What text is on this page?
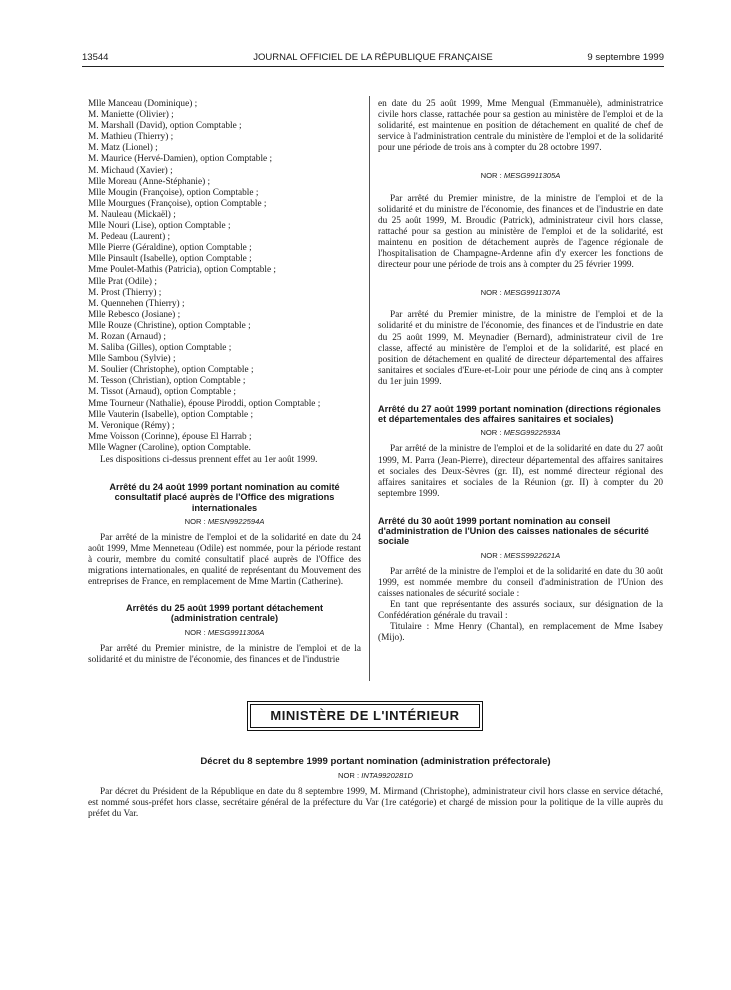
13544	JOURNAL OFFICIEL DE LA RÉPUBLIQUE FRANÇAISE	9 septembre 1999
Mlle Manceau (Dominique) ;
M. Maniette (Olivier) ;
M. Marshall (David), option Comptable ;
M. Mathieu (Thierry) ;
M. Matz (Lionel) ;
M. Maurice (Hervé-Damien), option Comptable ;
M. Michaud (Xavier) ;
Mlle Moreau (Anne-Stéphanie) ;
Mlle Mougin (Françoise), option Comptable ;
Mlle Mourgues (Françoise), option Comptable ;
M. Nauleau (Mickaël) ;
Mlle Nouri (Lise), option Comptable ;
M. Pedeau (Laurent) ;
Mlle Pierre (Géraldine), option Comptable ;
Mlle Pinsault (Isabelle), option Comptable ;
Mme Poulet-Mathis (Patricia), option Comptable ;
Mlle Prat (Odile) ;
M. Prost (Thierry) ;
M. Quennehen (Thierry) ;
Mlle Rebesco (Josiane) ;
Mlle Rouze (Christine), option Comptable ;
M. Rozan (Arnaud) ;
M. Saliba (Gilles), option Comptable ;
Mlle Sambou (Sylvie) ;
M. Soulier (Christophe), option Comptable ;
M. Tesson (Christian), option Comptable ;
M. Tissot (Arnaud), option Comptable ;
Mme Tourneur (Nathalie), épouse Piroddi, option Comptable ;
Mlle Vauterin (Isabelle), option Comptable ;
M. Veronique (Rémy) ;
Mme Voisson (Corinne), épouse El Harrab ;
Mlle Wagner (Caroline), option Comptable.

Les dispositions ci-dessus prennent effet au 1er août 1999.

Arrêté du 24 août 1999 portant nomination au comité consultatif placé auprès de l'Office des migrations internationales
NOR : MESN9922594A

Par arrêté de la ministre de l'emploi et de la solidarité en date du 24 août 1999, Mme Menneteau (Odile) est nommée, pour la période restant à courir, membre du comité consultatif placé auprès de l'Office des migrations internationales, en qualité de représentant du Mouvement des entreprises de France, en remplacement de Mme Martin (Catherine).

Arrêtés du 25 août 1999 portant détachement (administration centrale)
NOR : MESG9911306A

Par arrêté du Premier ministre, de la ministre de l'emploi et de la solidarité et du ministre de l'économie, des finances et de l'industrie

en date du 25 août 1999, Mme Mengual (Emmanuèle), administratrice civile hors classe, rattachée pour sa gestion au ministère de l'emploi et de la solidarité, est maintenue en position de détachement en qualité de chef de service à l'administration centrale du ministère de l'emploi et de la solidarité pour une période de trois ans à compter du 28 octobre 1997.

NOR : MESG9911305A

Par arrêté du Premier ministre, de la ministre de l'emploi et de la solidarité et du ministre de l'économie, des finances et de l'industrie en date du 25 août 1999, M. Broudic (Patrick), administrateur civil hors classe, rattaché pour sa gestion au ministère de l'emploi et de la solidarité, est maintenu en position de détachement auprès de l'agence régionale de l'hospitalisation de Champagne-Ardenne afin d'y exercer les fonctions de directeur pour une période de trois ans à compter du 25 février 1999.

NOR : MESG9911307A

Par arrêté du Premier ministre, de la ministre de l'emploi et de la solidarité et du ministre de l'économie, des finances et de l'industrie en date du 25 août 1999, M. Meynadier (Bernard), administrateur civil de 1re classe, affecté au ministère de l'emploi et de la solidarité, est placé en position de détachement en qualité de directeur départemental des affaires sanitaires et sociales d'Eure-et-Loir pour une période de cinq ans à compter du 1er juin 1999.

Arrêté du 27 août 1999 portant nomination (directions régionales et départementales des affaires sanitaires et sociales)
NOR : MESG9922593A

Par arrêté de la ministre de l'emploi et de la solidarité en date du 27 août 1999, M. Parra (Jean-Pierre), directeur départemental des affaires sanitaires et sociales des Deux-Sèvres (gr. II), est nommé directeur régional des affaires sanitaires et sociales de la Réunion (gr. II) à compter du 20 septembre 1999.

Arrêté du 30 août 1999 portant nomination au conseil d'administration de l'Union des caisses nationales de sécurité sociale
NOR : MESS9922621A

Par arrêté de la ministre de l'emploi et de la solidarité en date du 30 août 1999, est nommée membre du conseil d'administration de l'Union des caisses nationales de sécurité sociale :

En tant que représentante des assurés sociaux, sur désignation de la Confédération générale du travail :

Titulaire : Mme Henry (Chantal), en remplacement de Mme Isabey (Mijo).

MINISTÈRE DE L'INTÉRIEUR
Décret du 8 septembre 1999 portant nomination (administration préfectorale)
NOR : INTA9920281D

Par décret du Président de la République en date du 8 septembre 1999, M. Mirmand (Christophe), administrateur civil hors classe en service détaché, est nommé sous-préfet hors classe, secrétaire général de la préfecture du Var (1re catégorie) et chargé de mission pour la politique de la ville auprès du préfet du Var.
